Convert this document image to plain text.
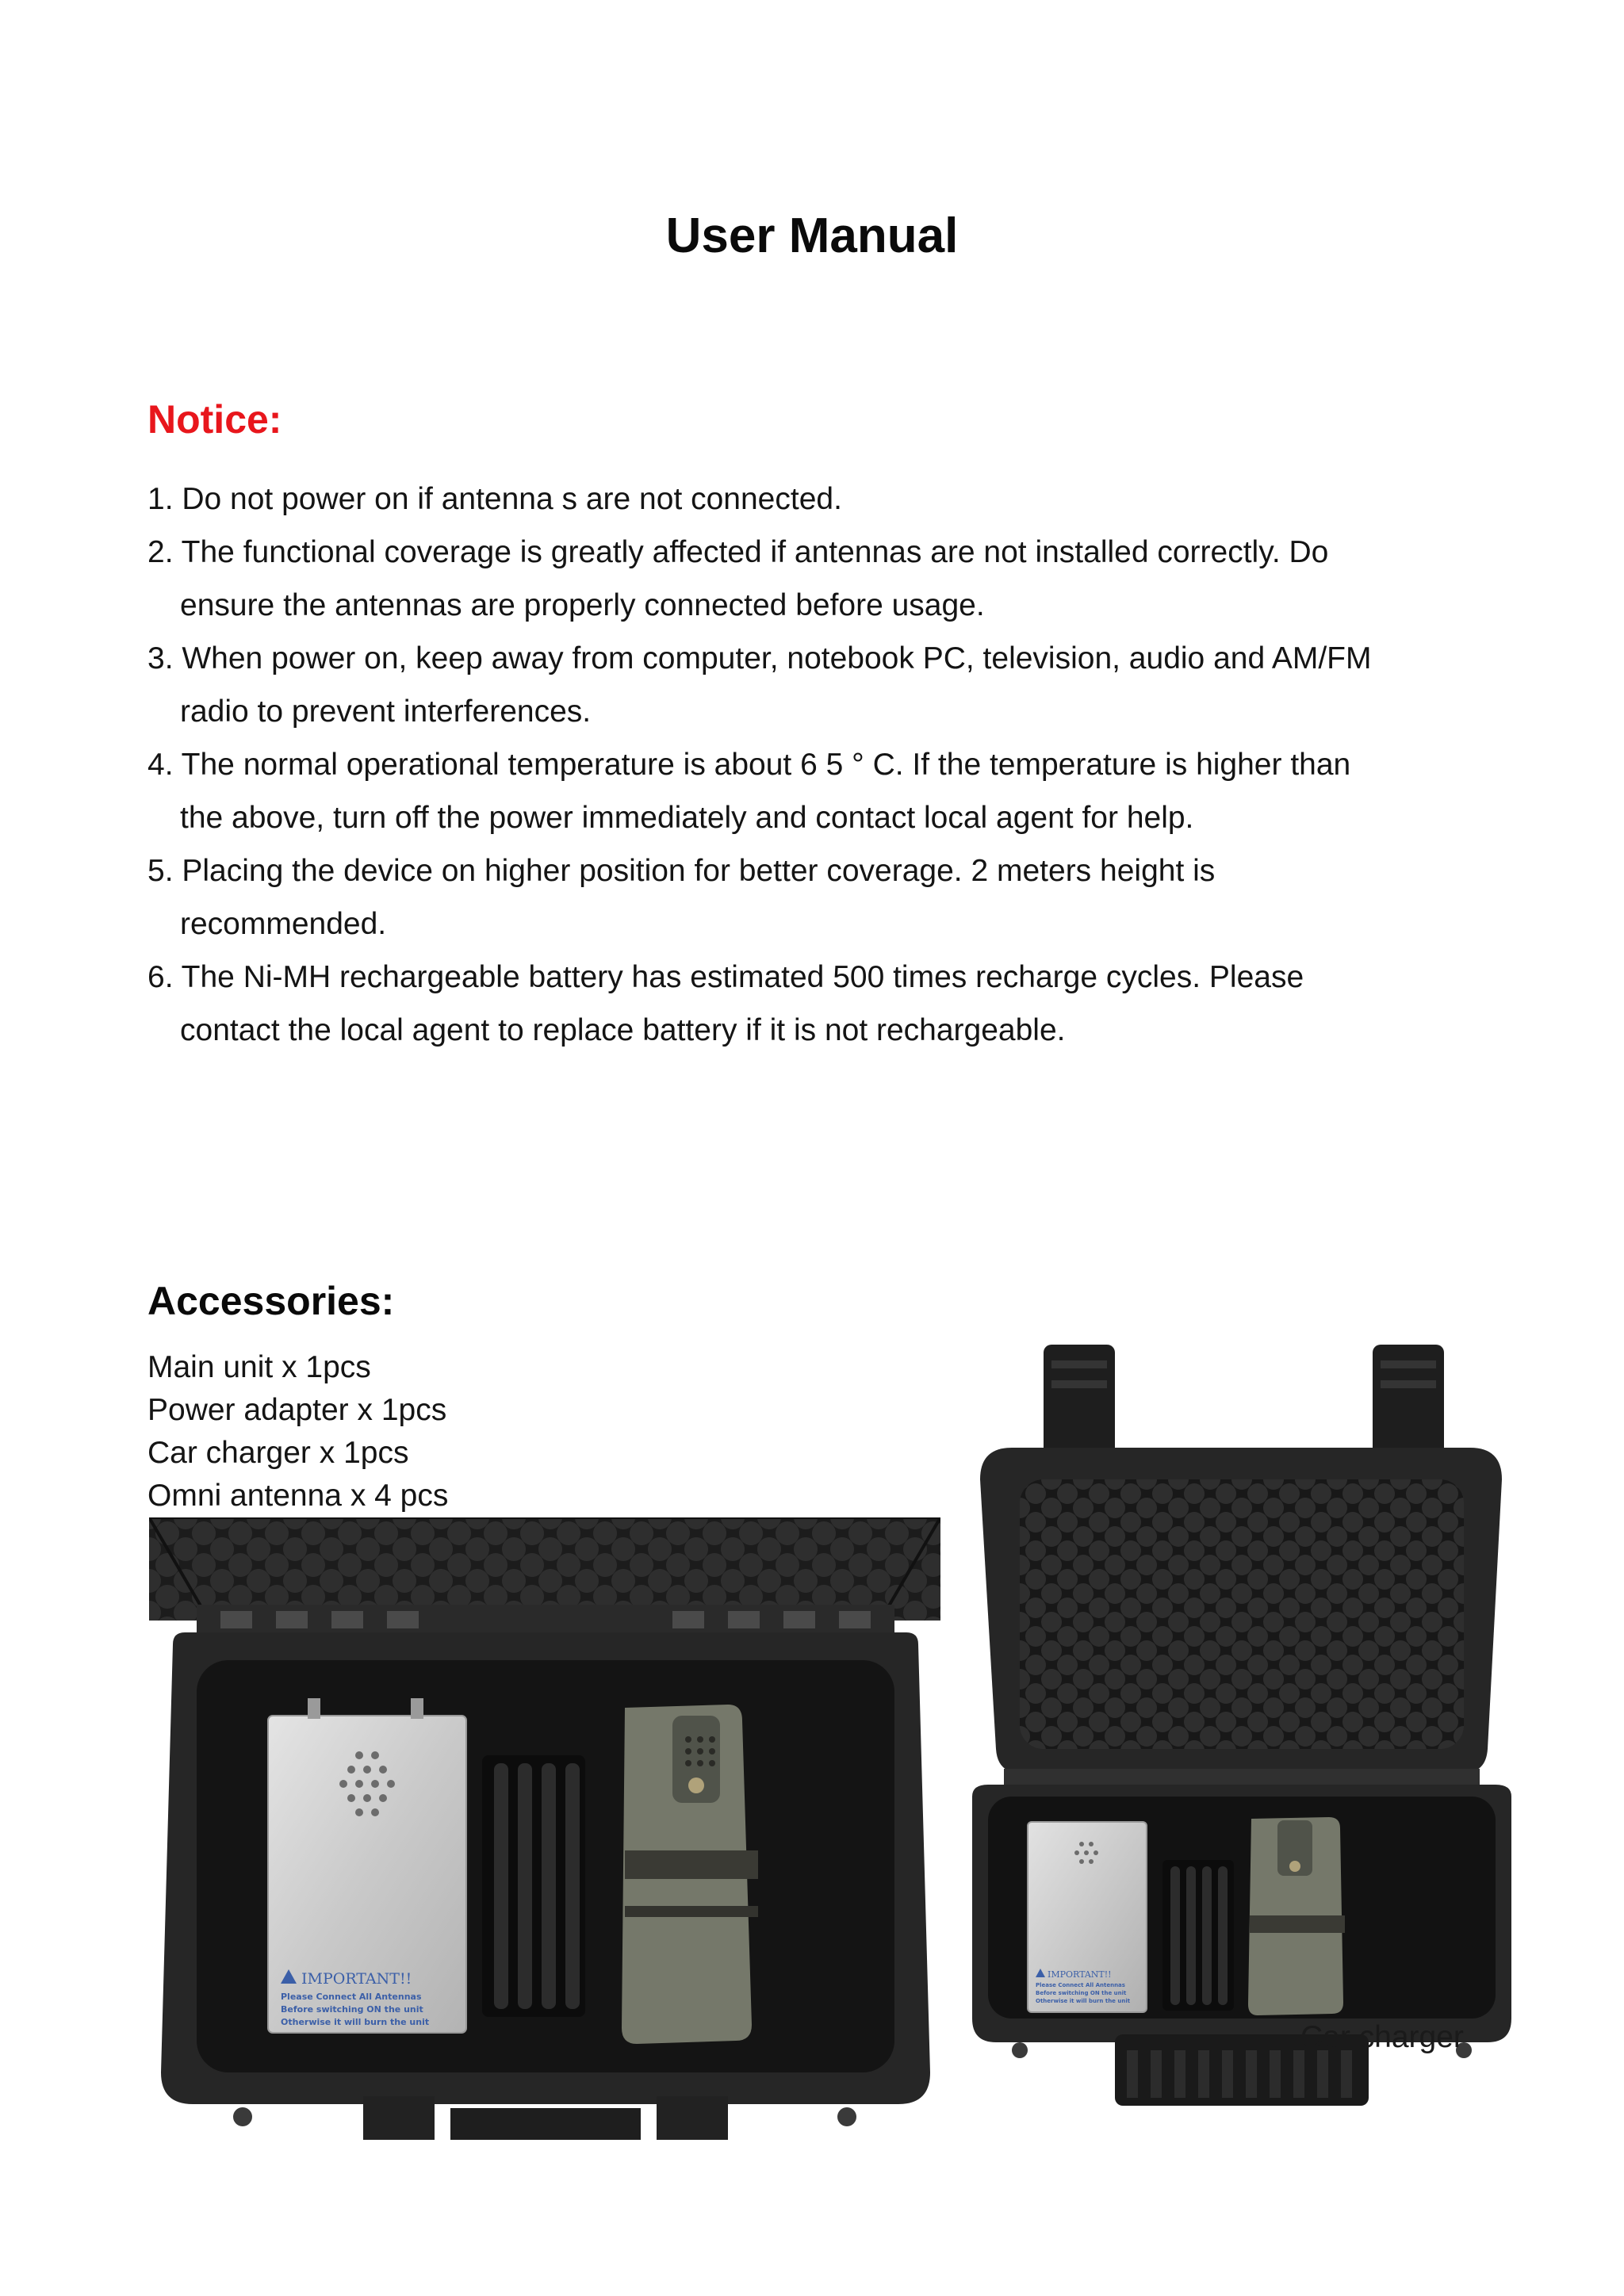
User Manual
Notice:
1. Do not power on if antenna s are not connected.
2. The functional coverage is greatly affected if antennas are not installed correctly. Do ensure the antennas are properly connected before usage.
3. When power on, keep away from computer, notebook PC, television, audio and AM/FM radio to prevent interferences.
4. The normal operational temperature is about 6 5 ° C. If the temperature is higher than the above, turn off the power immediately and contact local agent for help.
5. Placing the device on higher position for better coverage. 2 meters height is recommended.
6. The Ni-MH rechargeable battery has estimated 500 times recharge cycles. Please contact the local agent to replace battery if it is not rechargeable.
Accessories:
Main unit x 1pcs
Power adapter x 1pcs
Car charger x 1pcs
Omni antenna x 4 pcs
IMPORTANT!!
Please Connect All Antennas
Before switching ON the unit
Otherwise it will burn the unit
IMPORTANT!!
Please Connect All Antennas
Before switching ON the unit
Otherwise it will burn the unit
Car charger
